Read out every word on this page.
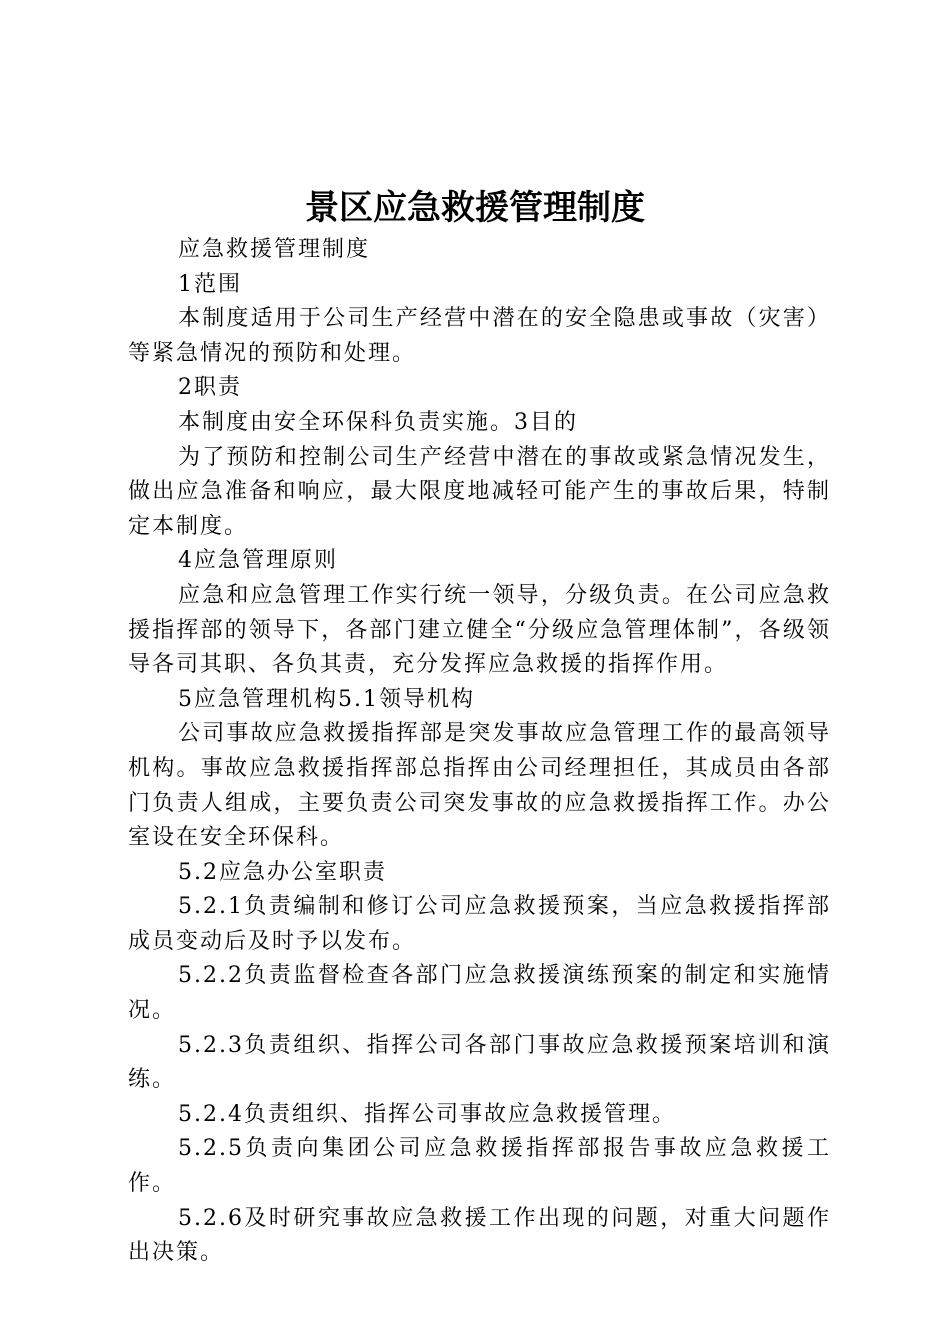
景区应急救援管理制度

应急救援管理制度

1范围

本制度适用于公司生产经营中潜在的安全隐患或事故（灾害）等紧急情况的预防和处理。

2职责

本制度由安全环保科负责实施。3目的

为了预防和控制公司生产经营中潜在的事故或紧急情况发生，做出应急准备和响应，最大限度地减轻可能产生的事故后果，特制定本制度。

4应急管理原则

应急和应急管理工作实行统一领导，分级负责。在公司应急救援指挥部的领导下，各部门建立健全“分级应急管理体制”，各级领导各司其职、各负其责，充分发挥应急救援的指挥作用。

5应急管理机构5.1领导机构

公司事故应急救援指挥部是突发事故应急管理工作的最高领导机构。事故应急救援指挥部总指挥由公司经理担任，其成员由各部门负责人组成，主要负责公司突发事故的应急救援指挥工作。办公室设在安全环保科。

5.2应急办公室职责

5.2.1负责编制和修订公司应急救援预案，当应急救援指挥部成员变动后及时予以发布。

5.2.2负责监督检查各部门应急救援演练预案的制定和实施情况。

5.2.3负责组织、指挥公司各部门事故应急救援预案培训和演练。

5.2.4负责组织、指挥公司事故应急救援管理。

5.2.5负责向集团公司应急救援指挥部报告事故应急救援工作。

5.2.6及时研究事故应急救援工作出现的问题，对重大问题作出决策。
